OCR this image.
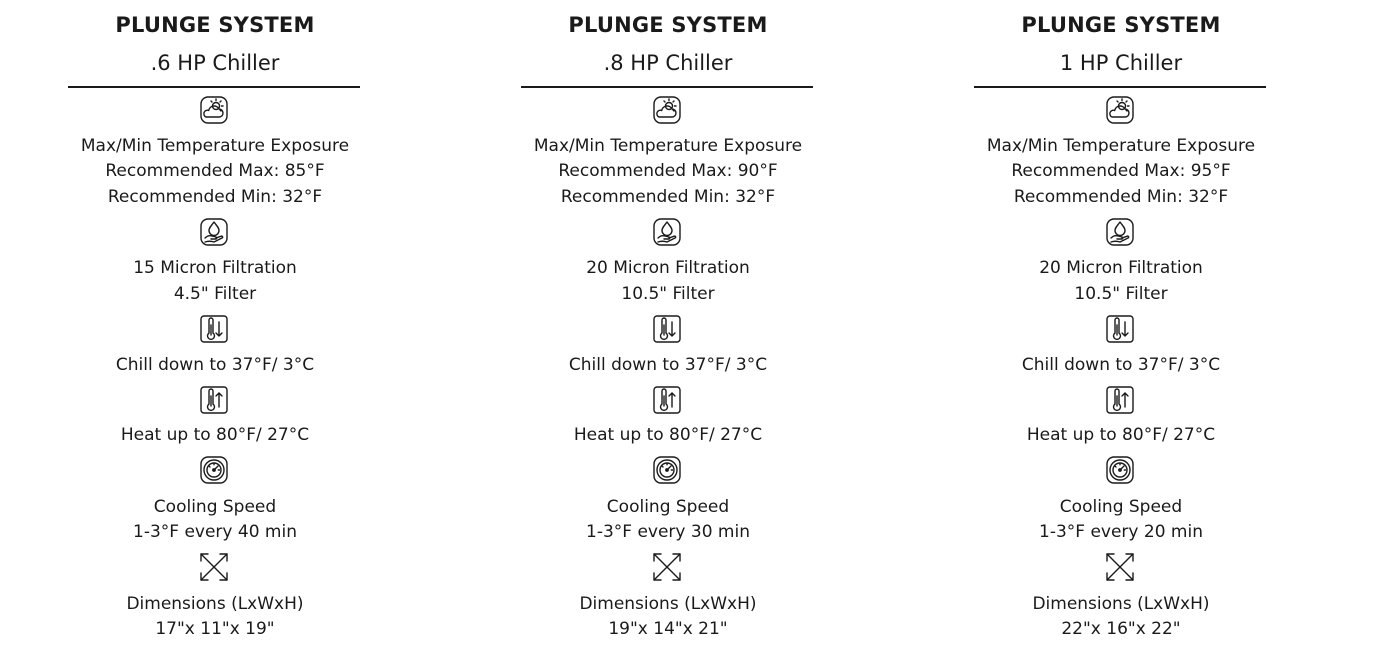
PLUNGE SYSTEM
.6 HP Chiller
Max/Min Temperature Exposure
Recommended Max: 85°F
Recommended Min: 32°F
15 Micron Filtration
4.5" Filter
Chill down to 37°F/ 3°C
Heat up to 80°F/ 27°C
Cooling Speed
1-3°F every 40 min
Dimensions (LxWxH)
17"x 11"x 19"
PLUNGE SYSTEM
.8 HP Chiller
Max/Min Temperature Exposure
Recommended Max: 90°F
Recommended Min: 32°F
20 Micron Filtration
10.5" Filter
Chill down to 37°F/ 3°C
Heat up to 80°F/ 27°C
Cooling Speed
1-3°F every 30 min
Dimensions (LxWxH)
19"x 14"x 21"
PLUNGE SYSTEM
1 HP Chiller
Max/Min Temperature Exposure
Recommended Max: 95°F
Recommended Min: 32°F
20 Micron Filtration
10.5" Filter
Chill down to 37°F/ 3°C
Heat up to 80°F/ 27°C
Cooling Speed
1-3°F every 20 min
Dimensions (LxWxH)
22"x 16"x 22"
